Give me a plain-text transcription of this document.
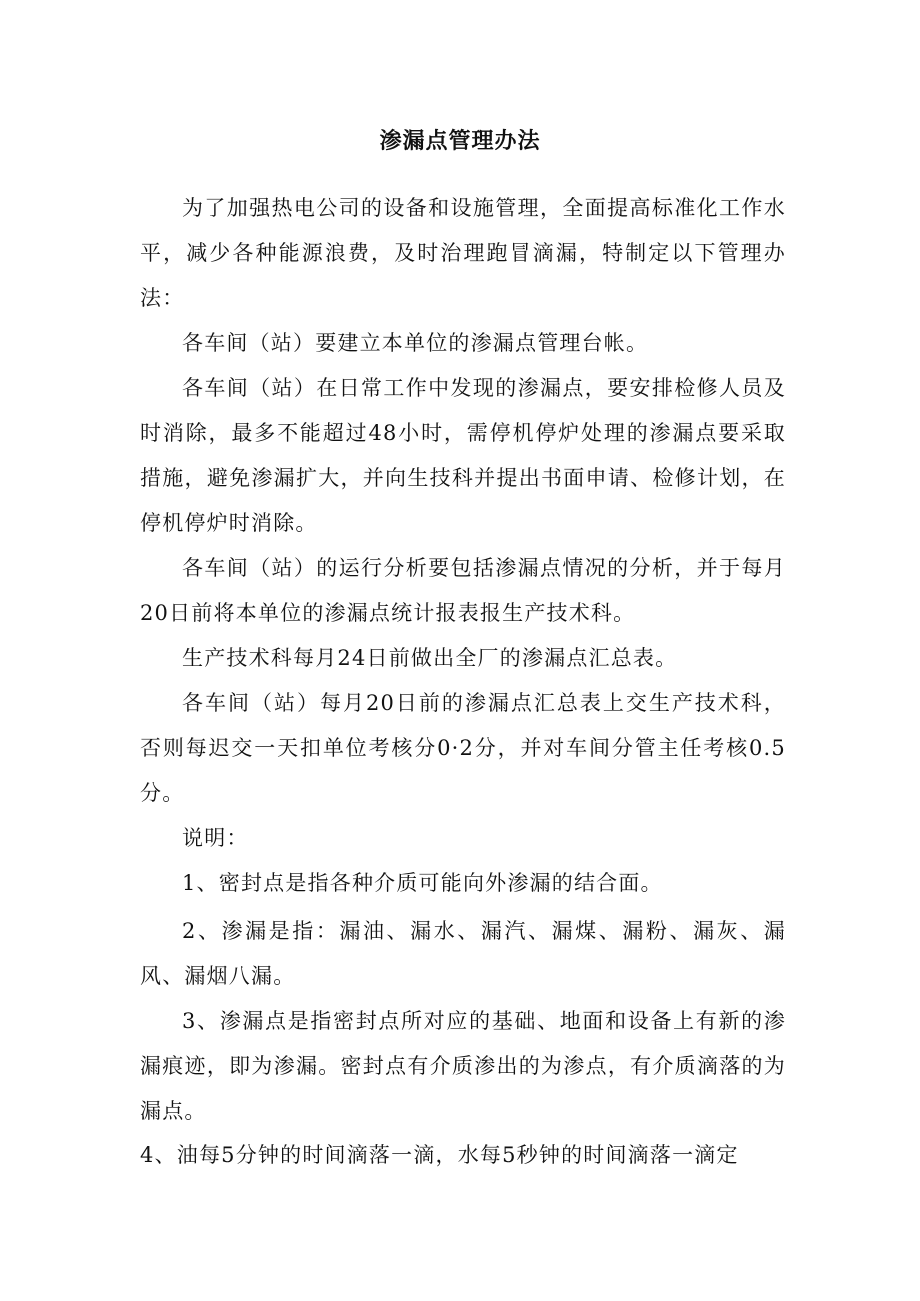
渗漏点管理办法

为了加强热电公司的设备和设施管理，全面提高标准化工作水平，减少各种能源浪费，及时治理跑冒滴漏，特制定以下管理办法：

各车间（站）要建立本单位的渗漏点管理台帐。

各车间（站）在日常工作中发现的渗漏点，要安排检修人员及时消除，最多不能超过48小时，需停机停炉处理的渗漏点要采取措施，避免渗漏扩大，并向生技科并提出书面申请、检修计划，在停机停炉时消除。

各车间（站）的运行分析要包括渗漏点情况的分析，并于每月20日前将本单位的渗漏点统计报表报生产技术科。

生产技术科每月24日前做出全厂的渗漏点汇总表。

各车间（站）每月20日前的渗漏点汇总表上交生产技术科，否则每迟交一天扣单位考核分0·2分，并对车间分管主任考核0.5分。

说明：

1、密封点是指各种介质可能向外渗漏的结合面。

2、渗漏是指：漏油、漏水、漏汽、漏煤、漏粉、漏灰、漏风、漏烟八漏。

3、渗漏点是指密封点所对应的基础、地面和设备上有新的渗漏痕迹，即为渗漏。密封点有介质渗出的为渗点，有介质滴落的为漏点。

4、油每5分钟的时间滴落一滴，水每5秒钟的时间滴落一滴定
